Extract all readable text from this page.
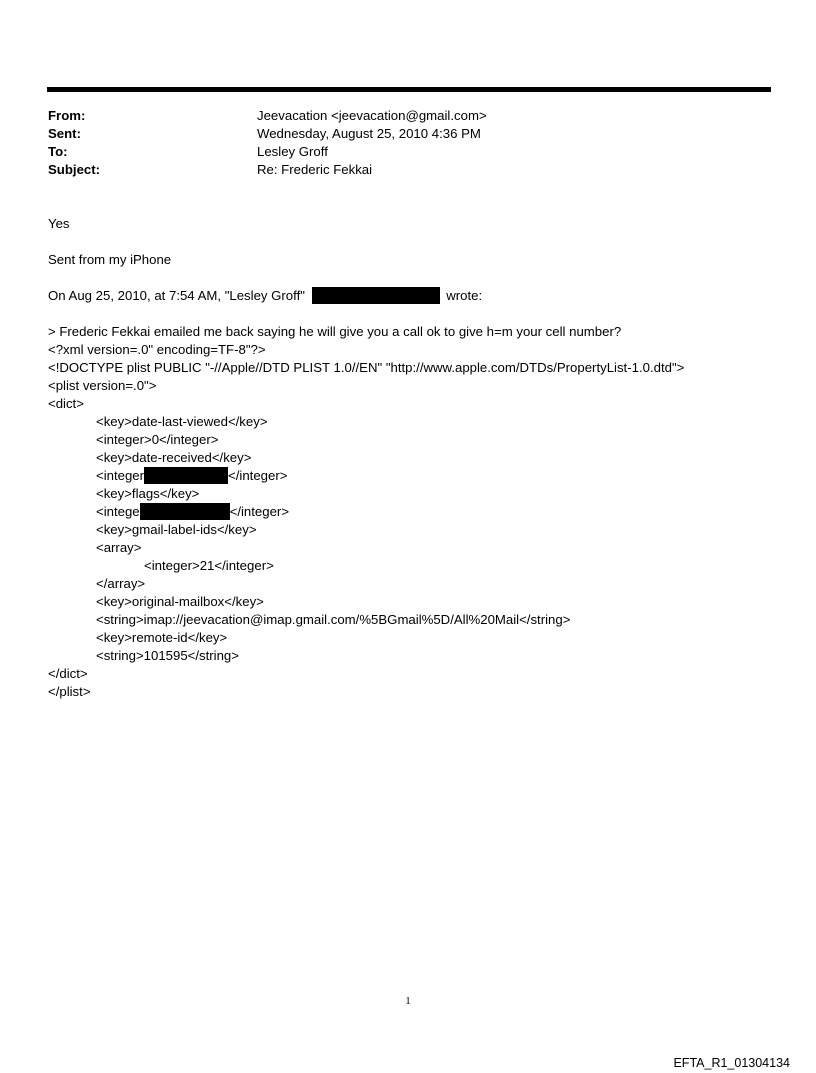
From:	Jeevacation <jeevacation@gmail.com>
Sent:	Wednesday, August 25, 2010 4:36 PM
To:	Lesley Groff
Subject:	Re: Frederic Fekkai
Yes
Sent from my iPhone
On Aug 25, 2010, at 7:54 AM, "Lesley Groff"	wrote:
> Frederic Fekkai emailed me back saying he will give you a call ok to give h=m your cell number?
<?xml version=.0" encoding=TF-8"?>
<!DOCTYPE plist PUBLIC "-//Apple//DTD PLIST 1.0//EN" "http://www.apple.com/DTDs/PropertyList-1.0.dtd">
<plist version=.0">
<dict>
<key>date-last-viewed</key>
<integer>0</integer>
<key>date-received</key>
<integer	</integer>
<key>flags</key>
<intege	</integer>
<key>gmail-label-ids</key>
<array>
<integer>21</integer>
</array>
<key>original-mailbox</key>
<string>imap://jeevacation@imap.gmail.com/%5BGmail%5D/All%20Mail</string>
<key>remote-id</key>
<string>101595</string>
</dict>
</plist>
1
EFTA_R1_01304134
